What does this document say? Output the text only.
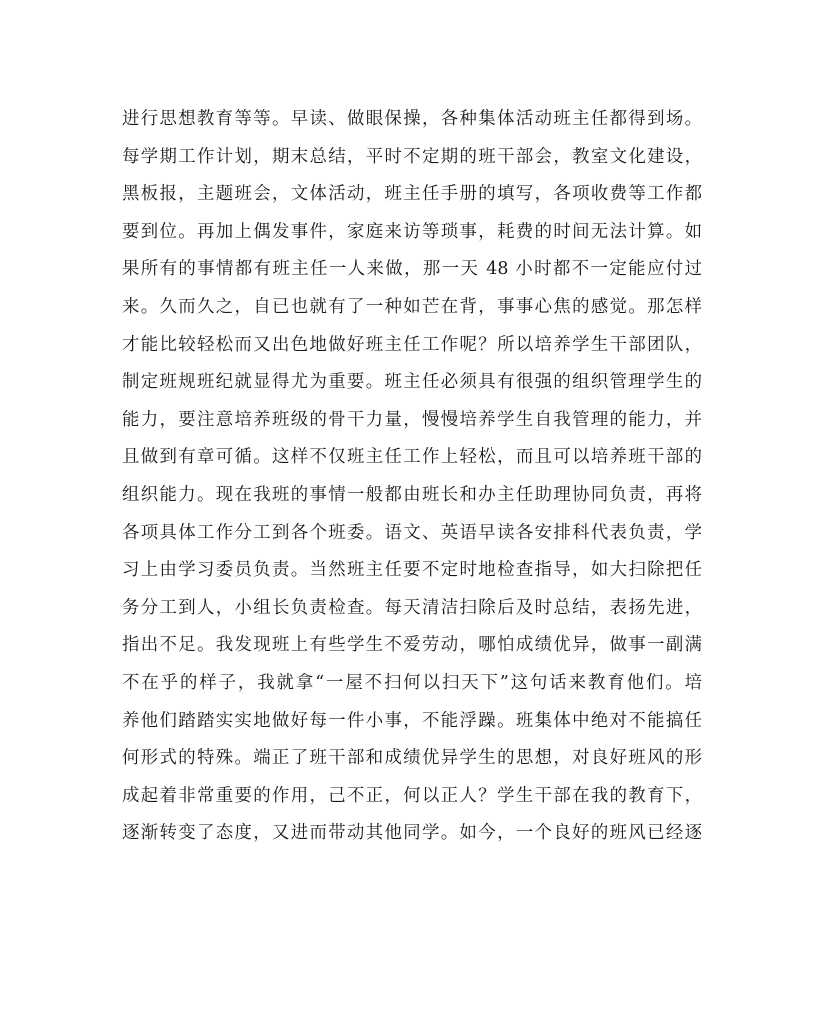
进行思想教育等等。早读、做眼保操，各种集体活动班主任都得到场。
每学期工作计划，期末总结，平时不定期的班干部会，教室文化建设，
黑板报，主题班会，文体活动，班主任手册的填写，各项收费等工作都
要到位。再加上偶发事件，家庭来访等琐事，耗费的时间无法计算。如
果所有的事情都有班主任一人来做，那一天 48 小时都不一定能应付过
来。久而久之，自已也就有了一种如芒在背，事事心焦的感觉。那怎样
才能比较轻松而又出色地做好班主任工作呢？所以培养学生干部团队，
制定班规班纪就显得尤为重要。班主任必须具有很强的组织管理学生的
能力，要注意培养班级的骨干力量，慢慢培养学生自我管理的能力，并
且做到有章可循。这样不仅班主任工作上轻松，而且可以培养班干部的
组织能力。现在我班的事情一般都由班长和办主任助理协同负责，再将
各项具体工作分工到各个班委。语文、英语早读各安排科代表负责，学
习上由学习委员负责。当然班主任要不定时地检查指导，如大扫除把任
务分工到人，小组长负责检查。每天清洁扫除后及时总结，表扬先进，
指出不足。我发现班上有些学生不爱劳动，哪怕成绩优异，做事一副满
不在乎的样子，我就拿“一屋不扫何以扫天下”这句话来教育他们。培
养他们踏踏实实地做好每一件小事，不能浮躁。班集体中绝对不能搞任
何形式的特殊。端正了班干部和成绩优异学生的思想，对良好班风的形
成起着非常重要的作用，己不正，何以正人？学生干部在我的教育下，
逐渐转变了态度，又进而带动其他同学。如今，一个良好的班风已经逐
